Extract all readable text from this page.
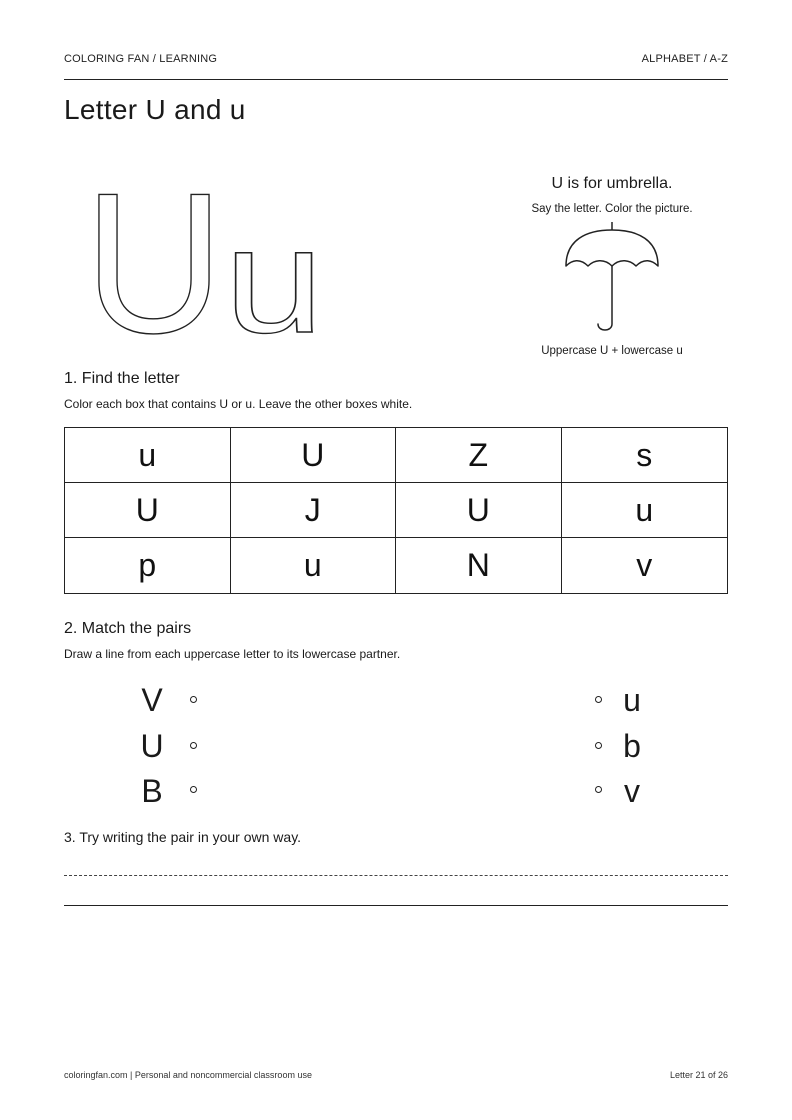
COLORING FAN / LEARNING	ALPHABET / A-Z
Letter U and u
U u
U is for umbrella.
Say the letter. Color the picture.
Uppercase U + lowercase u
1. Find the letter
Color each box that contains U or u. Leave the other boxes white.
u	U	Z	s
U	J	U	u
p	u	N	v
2. Match the pairs
Draw a line from each uppercase letter to its lowercase partner.
V
U
B
u
b
v
3. Try writing the pair in your own way.
coloringfan.com | Personal and noncommercial classroom use	Letter 21 of 26
